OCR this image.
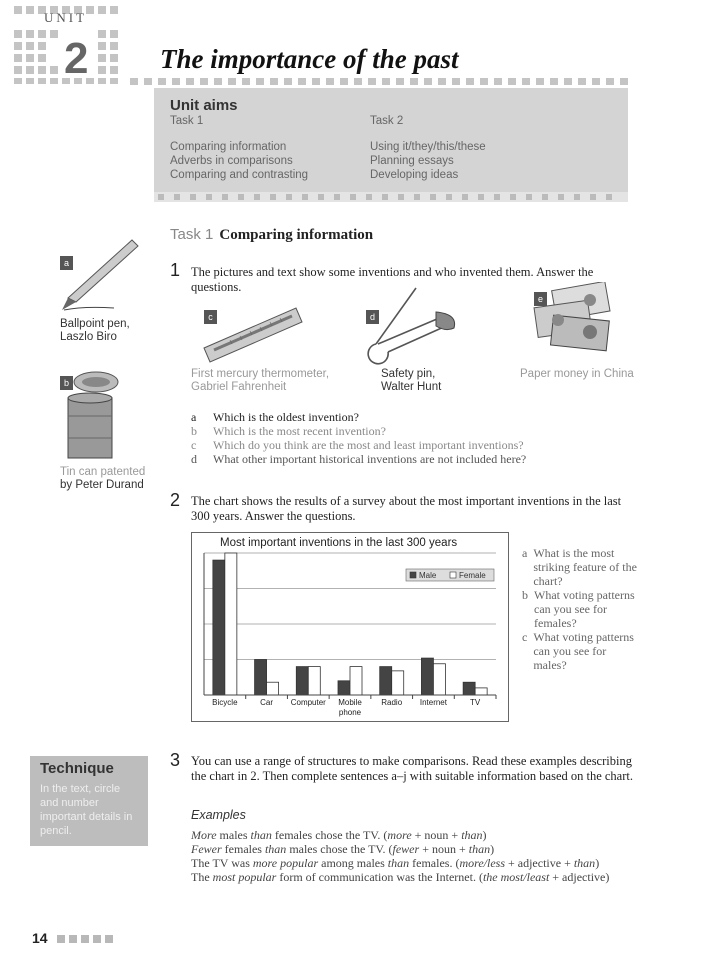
UNIT
2	The importance of the past
Unit aims
Task 1
Comparing information
Adverbs in comparisons
Comparing and contrasting
Task 2
Using it/they/this/these
Planning essays
Developing ideas
Task 1 Comparing information
1 The pictures and text show some inventions and who invented them. Answer the questions.
a
Ballpoint pen,
Laszlo Biro
b
Tin can patented
by Peter Durand
c
First mercury thermometer,
Gabriel Fahrenheit
d
Safety pin,
Walter Hunt
e
Paper money in China
a Which is the oldest invention?
b Which is the most recent invention?
c Which do you think are the most and least important inventions?
d What other important historical inventions are not included here?
2 The chart shows the results of a survey about the most important inventions in the last 300 years. Answer the questions.
Most important inventions in the last 300 years
Bicycle	Car Computer Mobile
phone
Radio Internet	TV
Male	Female
a What is the most striking feature of the chart?
b What voting patterns can you see for females?
c What voting patterns can you see for males?
Technique
In the text, circle and number important details in pencil.
3 You can use a range of structures to make comparisons. Read these examples describing the chart in 2. Then complete sentences a–j with suitable information based on the chart.
Examples
More males than females chose the TV. (more + noun + than)
Fewer females than males chose the TV. (fewer + noun + than)
The TV was more popular among males than females. (more/less + adjective + than)
The most popular form of communication was the Internet. (the most/least + adjective)
14
